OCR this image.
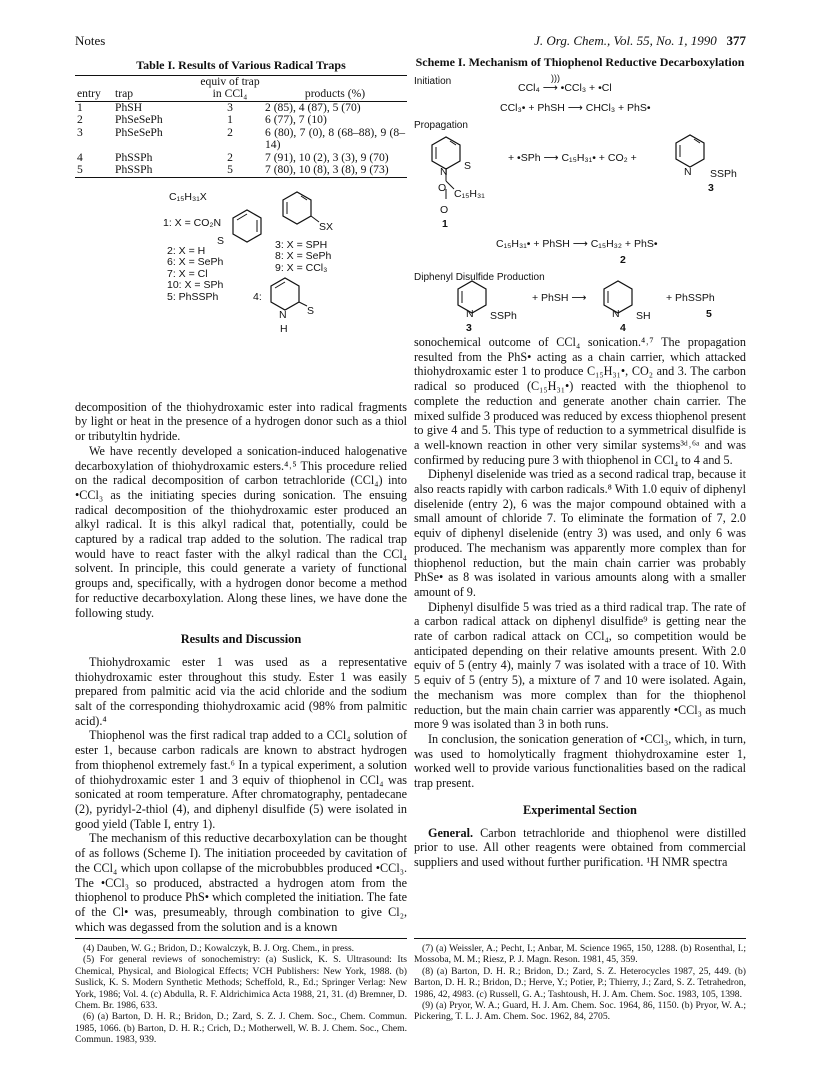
Notes	J. Org. Chem., Vol. 55, No. 1, 1990 377
Table I. Results of Various Radical Traps
entry	trap	equiv of trap in CCl₄	products (%)
1	PhSH	3	2 (85), 4 (87), 5 (70)
2	PhSeSePh	1	6 (77), 7 (10)
3	PhSeSePh	2	6 (80), 7 (0), 8 (68–88), 9 (8–14)
4	PhSSPh	2	7 (91), 10 (2), 3 (3), 9 (70)
5	PhSSPh	5	7 (80), 10 (8), 3 (8), 9 (73)
C₁₅H₃₁X
1: X = CO₂N
S
SX
2: X = H
6: X = SePh
7: X = Cl
10: X = SPh
5: PhSSPh
3: X = SPH
8: X = SePh
9: X = CCl₃
4:
N S
H

decomposition of the thiohydroxamic ester into radical fragments by light or heat in the presence of a hydrogen donor such as a thiol or tributyltin hydride.

We have recently developed a sonication-induced halogenative decarboxylation of thiohydroxamic esters.⁴˒⁵ This procedure relied on the radical decomposition of carbon tetrachloride (CCl₄) into •CCl₃ as the initiating species during sonication. The ensuing radical decomposition of the thiohydroxamic ester produced an alkyl radical. It is this alkyl radical that, potentially, could be captured by a radical trap added to the solution. The radical trap would have to react faster with the alkyl radical than the CCl₄ solvent. In principle, this could generate a variety of functional groups and, specifically, with a hydrogen donor become a method for reductive decarboxylation. Along these lines, we have done the following study.

Results and Discussion

Thiohydroxamic ester 1 was used as a representative thiohydroxamic ester throughout this study. Ester 1 was easily prepared from palmitic acid via the acid chloride and the sodium salt of the corresponding thiohydroxamic acid (98% from palmitic acid).⁴

Thiophenol was the first radical trap added to a CCl₄ solution of ester 1, because carbon radicals are known to abstract hydrogen from thiophenol extremely fast.⁶ In a typical experiment, a solution of thiohydroxamic ester 1 and 3 equiv of thiophenol in CCl₄ was sonicated at room temperature. After chromatography, pentadecane (2), pyridyl-2-thiol (4), and diphenyl disulfide (5) were isolated in good yield (Table I, entry 1).

The mechanism of this reductive decarboxylation can be thought of as follows (Scheme I). The initiation proceeded by cavitation of the CCl₄ which upon collapse of the microbubbles produced •CCl₃. The •CCl₃ so produced, abstracted a hydrogen atom from the thiophenol to produce PhS• which completed the initiation. The fate of the Cl• was, presumeably, through combination to give Cl₂, which was degassed from the solution and is a known

Scheme I. Mechanism of Thiophenol Reductive Decarboxylation
Initiation	)))
CCl₄ ⟶ •CCl₃ + •Cl
CCl₃• + PhSH ⟶ CHCl₃ + PhS•
Propagation
N S
O C₁₅H₃₁
O
1
+ •SPh ⟶ C₁₅H₃₁• + CO₂ +
N SSPh
3
C₁₅H₃₁• + PhSH ⟶ C₁₅H₃₂ + PhS•
2
Diphenyl Disulfide Production
N SSPh
3
+ PhSH ⟶
N SH
4
+ PhSSPh
5

sonochemical outcome of CCl₄ sonication.⁴˒⁷ The propagation resulted from the PhS• acting as a chain carrier, which attacked thiohydroxamic ester 1 to produce C₁₅H₃₁•, CO₂ and 3. The carbon radical so produced (C₁₅H₃₁•) reacted with the thiophenol to complete the reduction and generate another chain carrier. The mixed sulfide 3 produced was reduced by excess thiophenol present to give 4 and 5. This type of reduction to a symmetrical disulfide is a well-known reaction in other very similar systems³ᵈ˒⁶ᵃ and was confirmed by reducing pure 3 with thiophenol in CCl₄ to 4 and 5.

Diphenyl diselenide was tried as a second radical trap, because it also reacts rapidly with carbon radicals.⁸ With 1.0 equiv of diphenyl diselenide (entry 2), 6 was the major compound obtained with a small amount of chloride 7. To eliminate the formation of 7, 2.0 equiv of diphenyl diselenide (entry 3) was used, and only 6 was produced. The mechanism was apparently more complex than for thiophenol reduction, but the main chain carrier was probably PhSe• as 8 was isolated in various amounts along with a smaller amount of 9.

Diphenyl disulfide 5 was tried as a third radical trap. The rate of a carbon radical attack on diphenyl disulfide⁹ is getting near the rate of carbon radical attack on CCl₄, so competition would be anticipated depending on their relative amounts present. With 2.0 equiv of 5 (entry 4), mainly 7 was isolated with a trace of 10. With 5 equiv of 5 (entry 5), a mixture of 7 and 10 were isolated. Again, the mechanism was more complex than for the thiophenol reduction, but the main chain carrier was apparently •CCl₃ as much more 9 was isolated than 3 in both runs.

In conclusion, the sonication generation of •CCl₃, which, in turn, was used to homolytically fragment thiohydroxamine ester 1, worked well to provide various functionalities based on the radical trap present.

Experimental Section

General. Carbon tetrachloride and thiophenol were distilled prior to use. All other reagents were obtained from commercial suppliers and used without further purification. ¹H NMR spectra

(4) Dauben, W. G.; Bridon, D.; Kowalczyk, B. J. Org. Chem., in press.
(5) For general reviews of sonochemistry: (a) Suslick, K. S. Ultrasound: Its Chemical, Physical, and Biological Effects; VCH Publishers: New York, 1988. (b) Suslick, K. S. Modern Synthetic Methods; Scheffold, R., Ed.; Springer Verlag: New York, 1986; Vol. 4. (c) Abdulla, R. F. Aldrichimica Acta 1988, 21, 31. (d) Bremner, D. Chem. Br. 1986, 633.
(6) (a) Barton, D. H. R.; Bridon, D.; Zard, S. Z. J. Chem. Soc., Chem. Commun. 1985, 1066. (b) Barton, D. H. R.; Crich, D.; Motherwell, W. B. J. Chem. Soc., Chem. Commun. 1983, 939.
(7) (a) Weissler, A.; Pecht, I.; Anbar, M. Science 1965, 150, 1288. (b) Rosenthal, I.; Mossoba, M. M.; Riesz, P. J. Magn. Reson. 1981, 45, 359.
(8) (a) Barton, D. H. R.; Bridon, D.; Zard, S. Z. Heterocycles 1987, 25, 449. (b) Barton, D. H. R.; Bridon, D.; Herve, Y.; Potier, P.; Thierry, J.; Zard, S. Z. Tetrahedron, 1986, 42, 4983. (c) Russell, G. A.; Tashtoush, H. J. Am. Chem. Soc. 1983, 105, 1398.
(9) (a) Pryor, W. A.; Guard, H. J. Am. Chem. Soc. 1964, 86, 1150. (b) Pryor, W. A.; Pickering, T. L. J. Am. Chem. Soc. 1962, 84, 2705.
